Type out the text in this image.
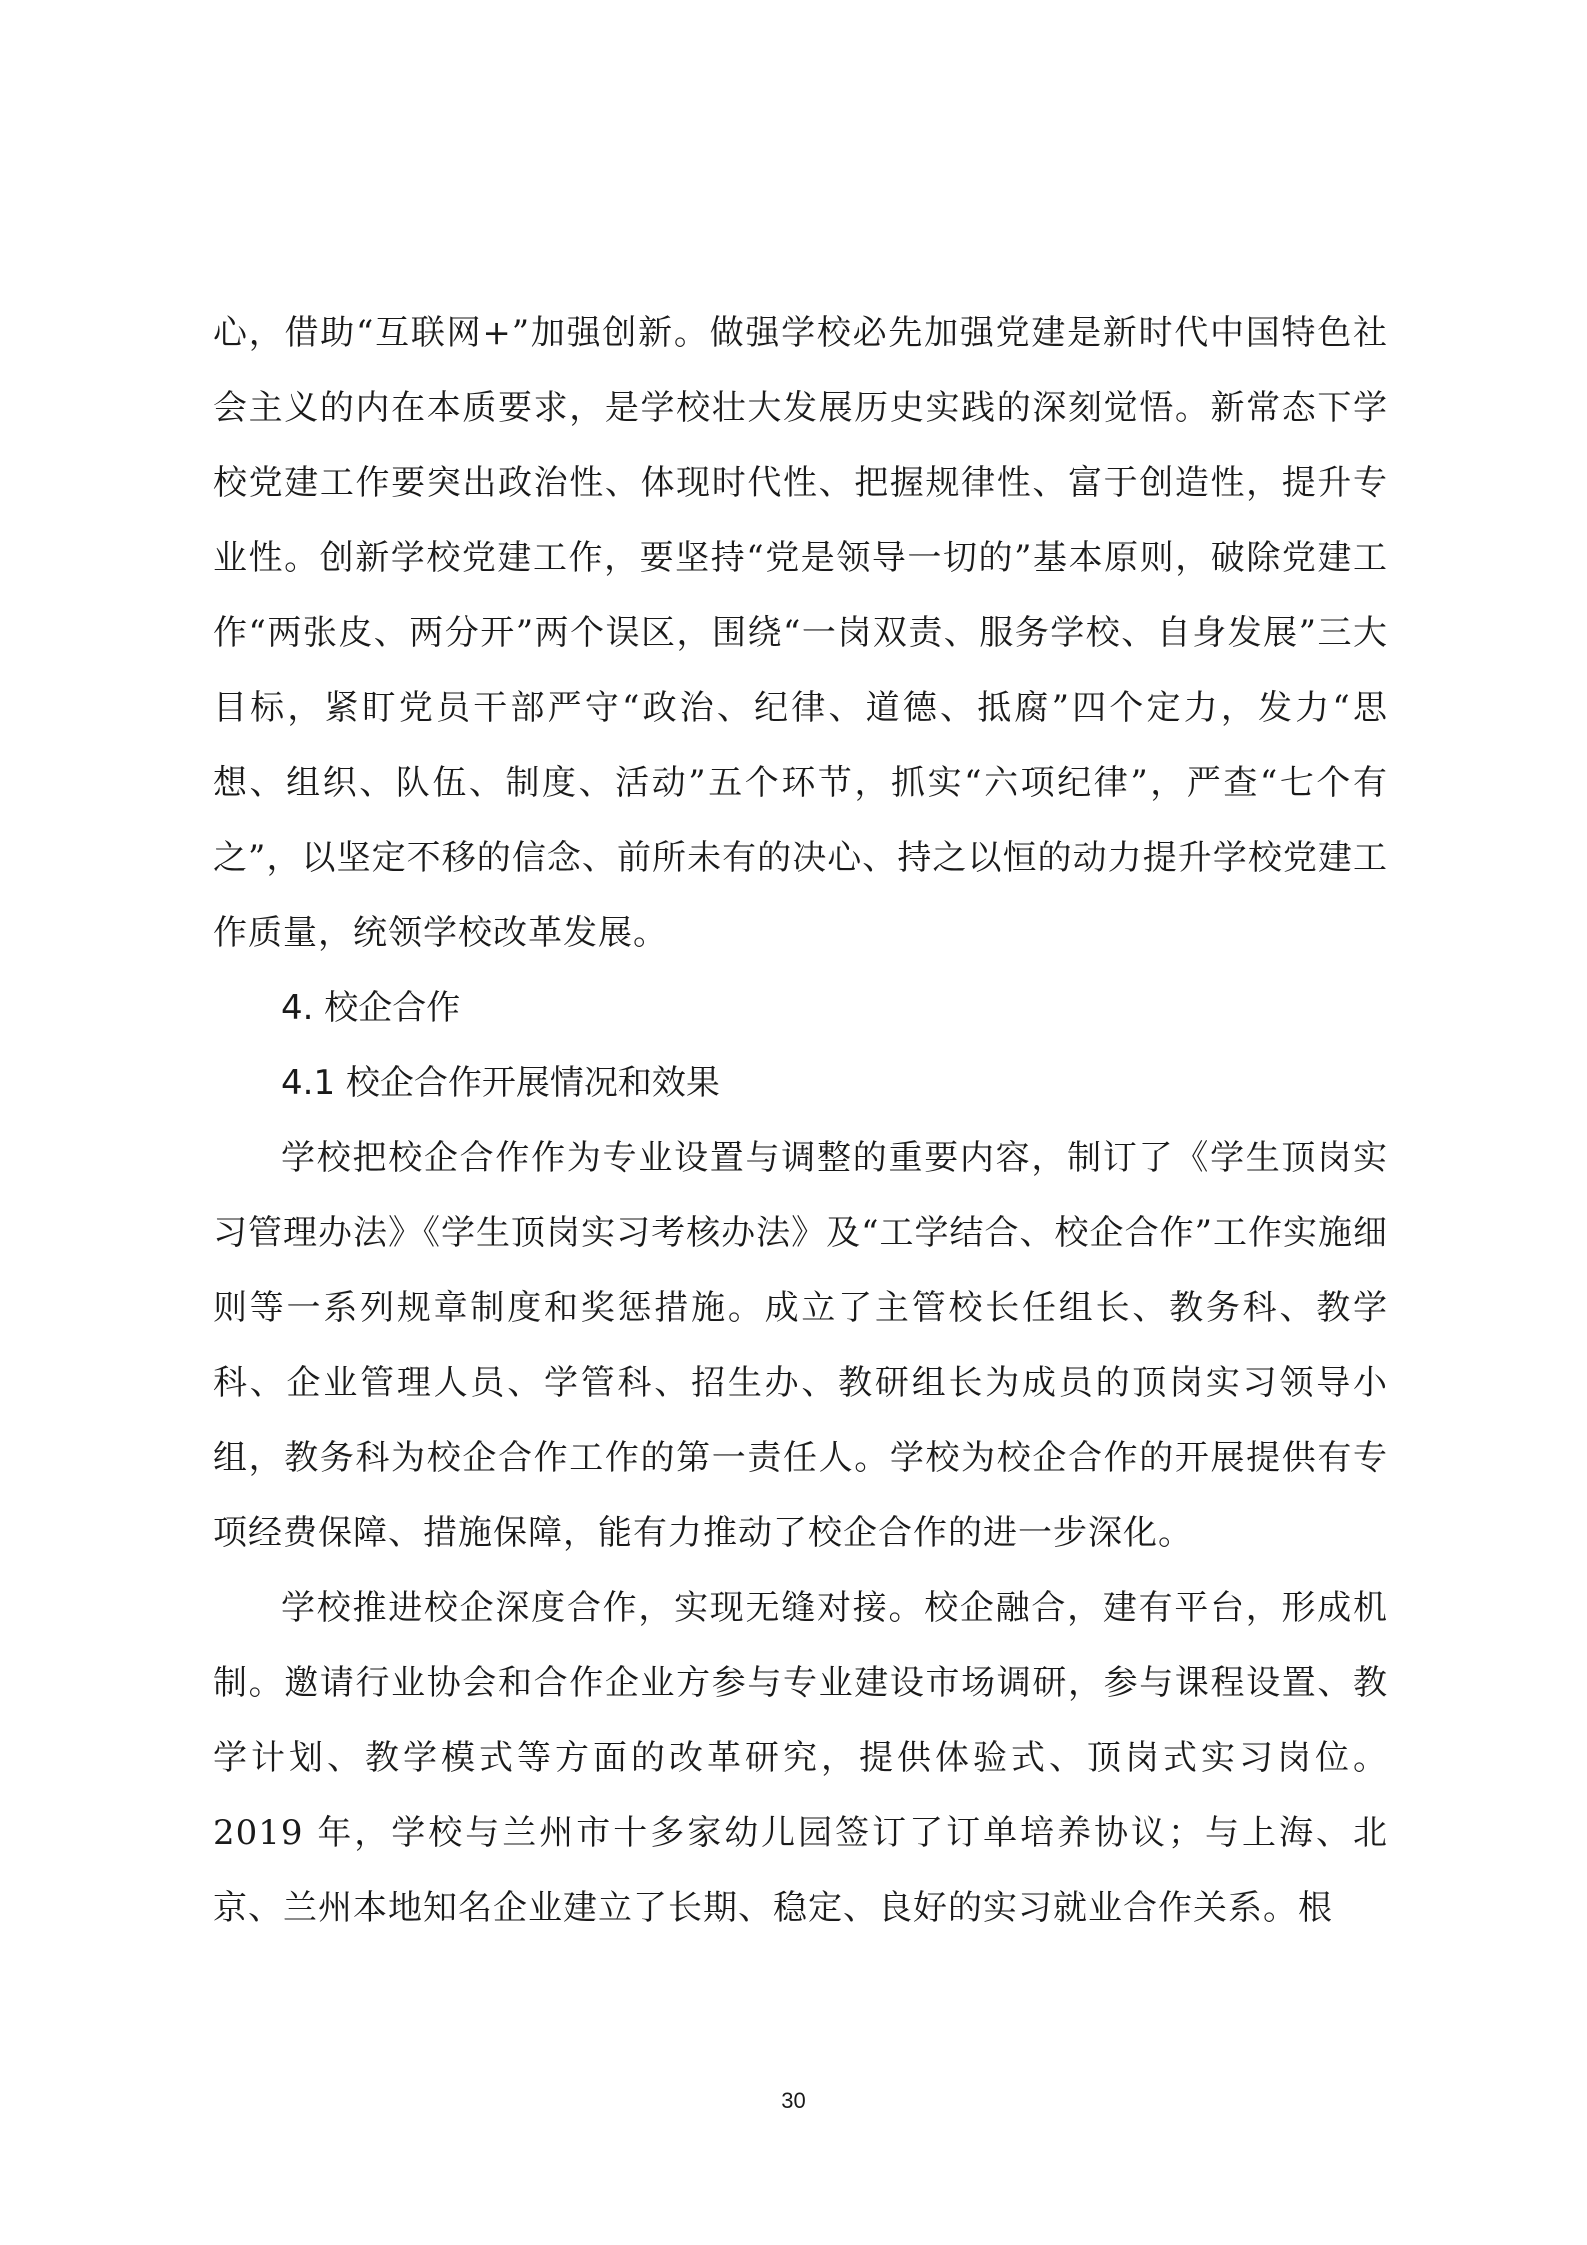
心，借助“互联网+”加强创新。做强学校必先加强党建是新时代中国特色社会主义的内在本质要求，是学校壮大发展历史实践的深刻觉悟。新常态下学校党建工作要突出政治性、体现时代性、把握规律性、富于创造性，提升专业性。创新学校党建工作，要坚持“党是领导一切的”基本原则，破除党建工作“两张皮、两分开”两个误区，围绕“一岗双责、服务学校、自身发展”三大目标，紧盯党员干部严守“政治、纪律、道德、抵腐”四个定力，发力“思想、组织、队伍、制度、活动”五个环节，抓实“六项纪律”，严查“七个有之”，以坚定不移的信念、前所未有的决心、持之以恒的动力提升学校党建工作质量，统领学校改革发展。

4. 校企合作
4.1 校企合作开展情况和效果

学校把校企合作作为专业设置与调整的重要内容，制订了《学生顶岗实习管理办法》《学生顶岗实习考核办法》及“工学结合、校企合作”工作实施细则等一系列规章制度和奖惩措施。成立了主管校长任组长、教务科、教学科、企业管理人员、学管科、招生办、教研组长为成员的顶岗实习领导小组，教务科为校企合作工作的第一责任人。学校为校企合作的开展提供有专项经费保障、措施保障，能有力推动了校企合作的进一步深化。

学校推进校企深度合作，实现无缝对接。校企融合，建有平台，形成机制。邀请行业协会和合作企业方参与专业建设市场调研，参与课程设置、教学计划、教学模式等方面的改革研究，提供体验式、顶岗式实习岗位。2019 年，学校与兰州市十多家幼儿园签订了订单培养协议；与上海、北京、兰州本地知名企业建立了长期、稳定、良好的实习就业合作关系。根

30
